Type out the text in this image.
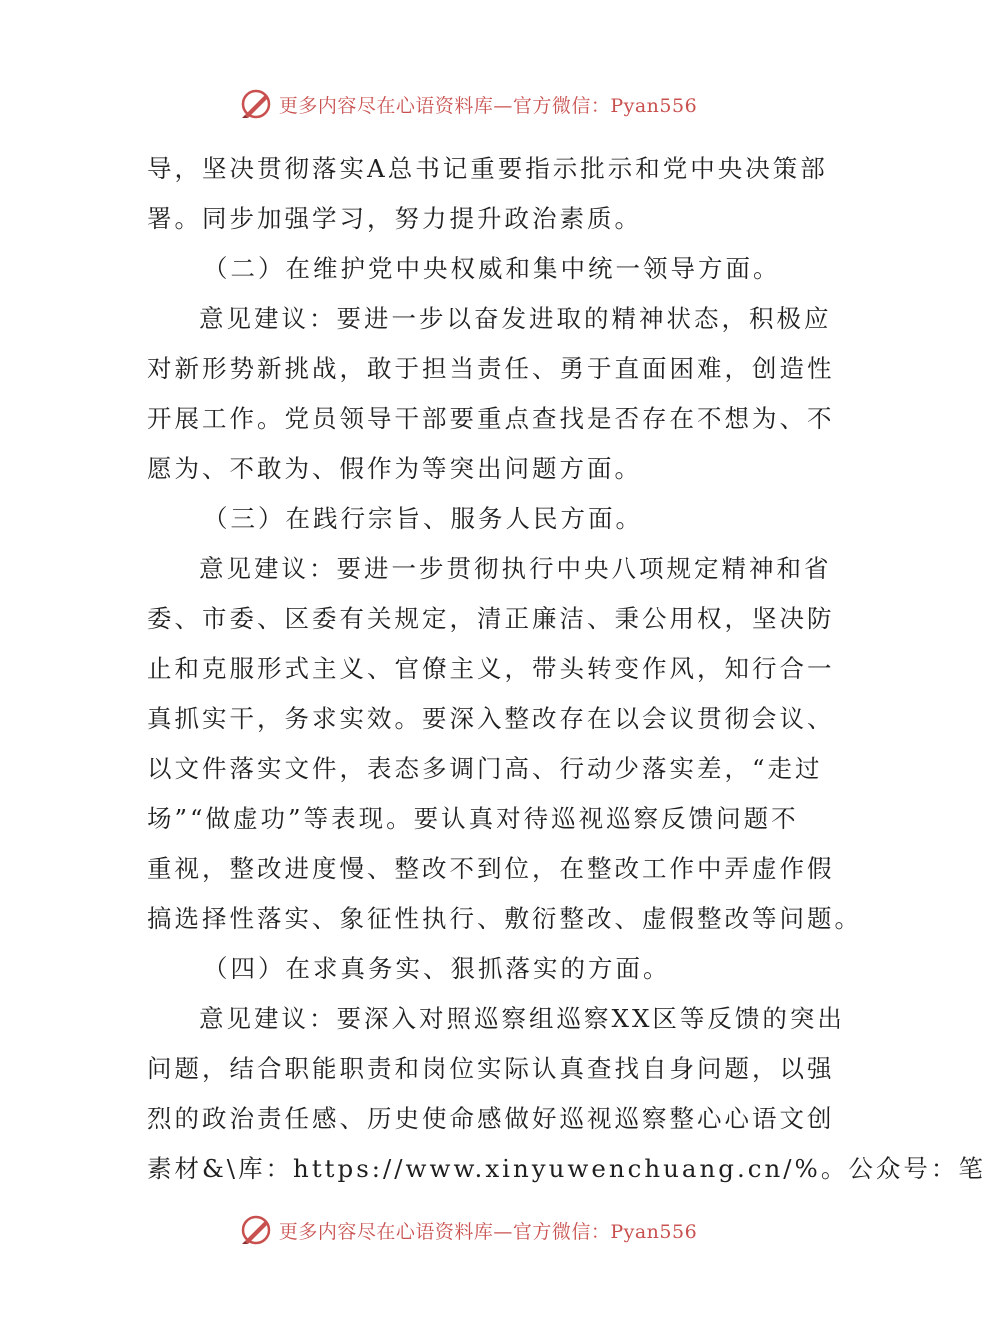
更多内容尽在心语资料库—官方微信：Pyan556

导，坚决贯彻落实A总书记重要指示批示和党中央决策部

署。同步加强学习，努力提升政治素质。

（二）在维护党中央权威和集中统一领导方面。

意见建议：要进一步以奋发进取的精神状态，积极应

对新形势新挑战，敢于担当责任、勇于直面困难，创造性

开展工作。党员领导干部要重点查找是否存在不想为、不

愿为、不敢为、假作为等突出问题方面。

（三）在践行宗旨、服务人民方面。

意见建议：要进一步贯彻执行中央八项规定精神和省

委、市委、区委有关规定，清正廉洁、秉公用权，坚决防

止和克服形式主义、官僚主义，带头转变作风，知行合一

真抓实干，务求实效。要深入整改存在以会议贯彻会议、

以文件落实文件，表态多调门高、行动少落实差，“走过

场”“做虚功”等表现。要认真对待巡视巡察反馈问题不

重视，整改进度慢、整改不到位，在整改工作中弄虚作假

搞选择性落实、象征性执行、敷衍整改、虚假整改等问题。

（四）在求真务实、狠抓落实的方面。

意见建议：要深入对照巡察组巡察XX区等反馈的突出

问题，结合职能职责和岗位实际认真查找自身问题，以强

烈的政治责任感、历史使命感做好巡视巡察整心心语文创

素材&\库：https://www.xinyuwenchuang.cn/%。公众号：笔

更多内容尽在心语资料库—官方微信：Pyan556
